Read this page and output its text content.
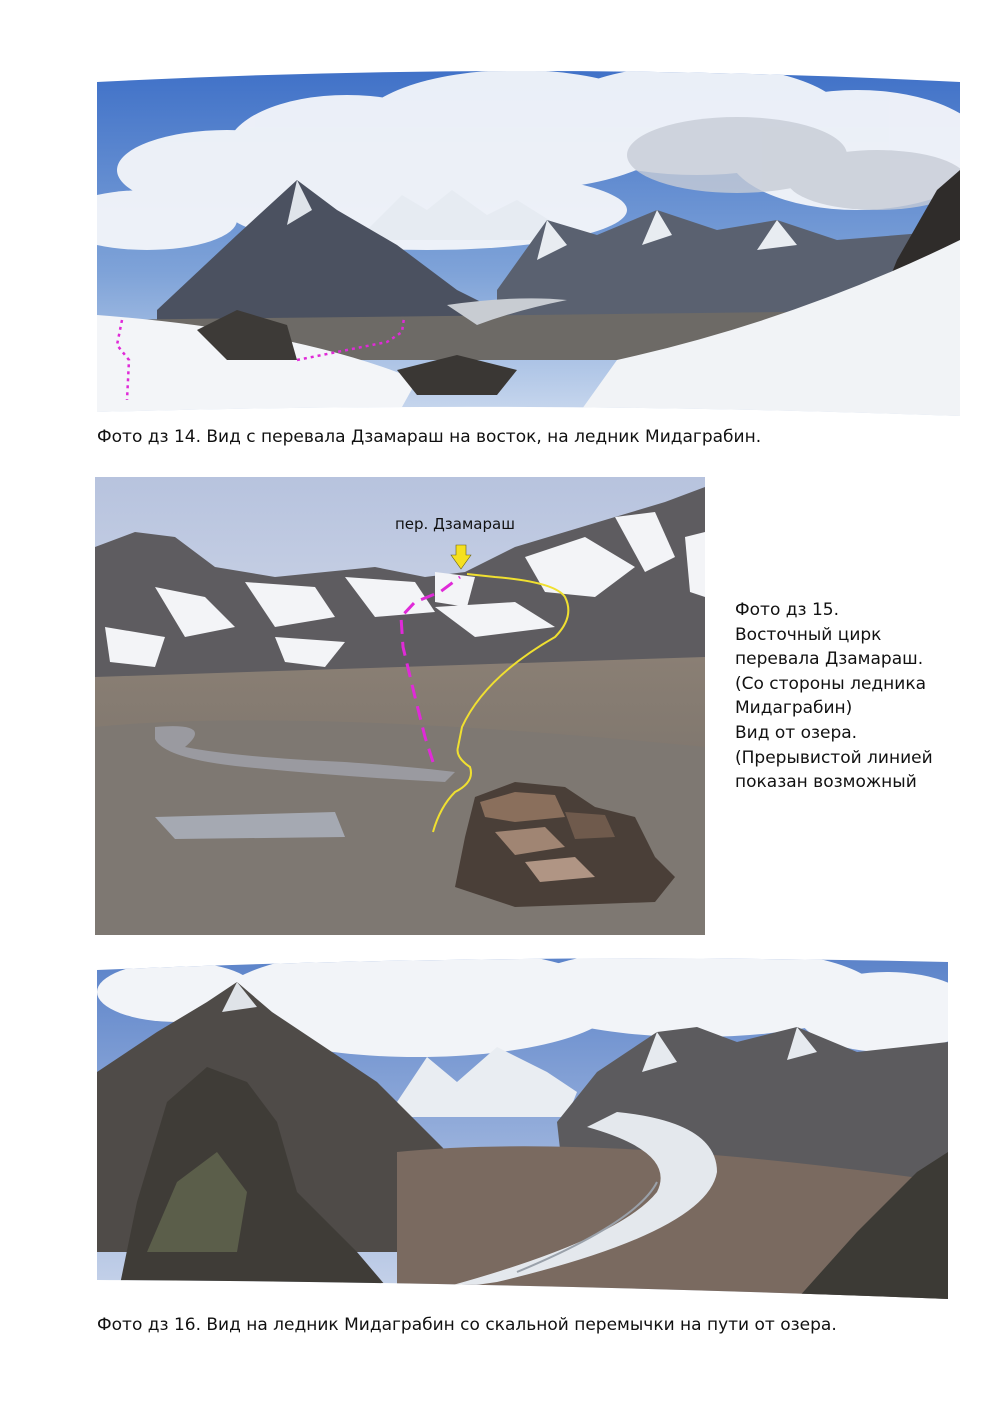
Фото дз 14. Вид с перевала Дзамараш на восток, на ледник Мидаграбин.
пер. Дзамараш
Фото дз 15.
Восточный цирк
перевала Дзамараш.
(Со стороны ледника
Мидаграбин)
Вид от озера.
(Прерывистой линией
показан возможный
Фото дз 16. Вид на ледник Мидаграбин со скальной перемычки на пути от озера.
